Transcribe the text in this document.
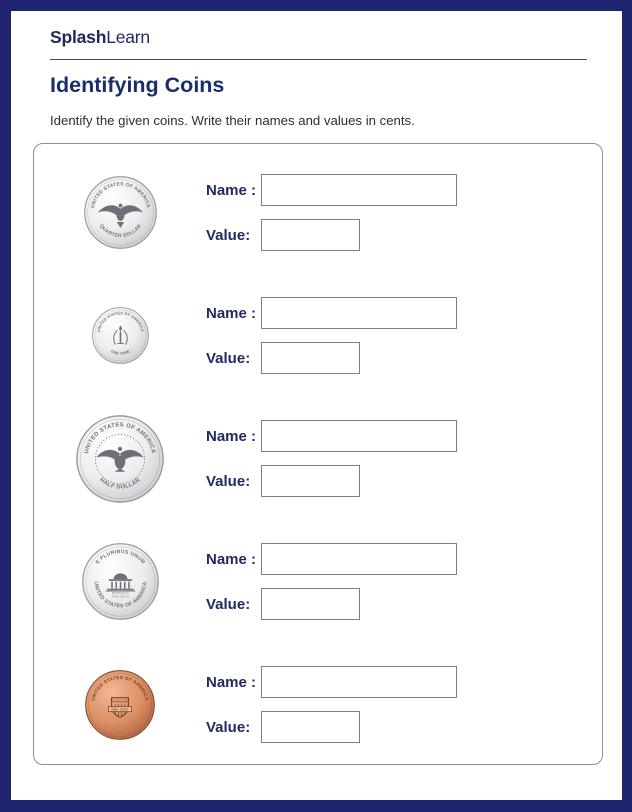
SplashLearn
Identifying Coins
Identify the given coins. Write their names and values in cents.
UNITED STATES OF AMERICA
QUARTER DOLLAR
Name :
Value:
UNITED STATES OF AMERICA
ONE DIME
Name :
Value:
UNITED STATES OF AMERICA
HALF DOLLAR
Name :
Value:
E PLURIBUS UNUM
UNITED STATES OF AMERICA
MONTICELLO
FIVE CENTS
Name :
Value:
UNITED STATES OF AMERICA
E PLURIBUS UNUM
ONE CENT
Name :
Value:
